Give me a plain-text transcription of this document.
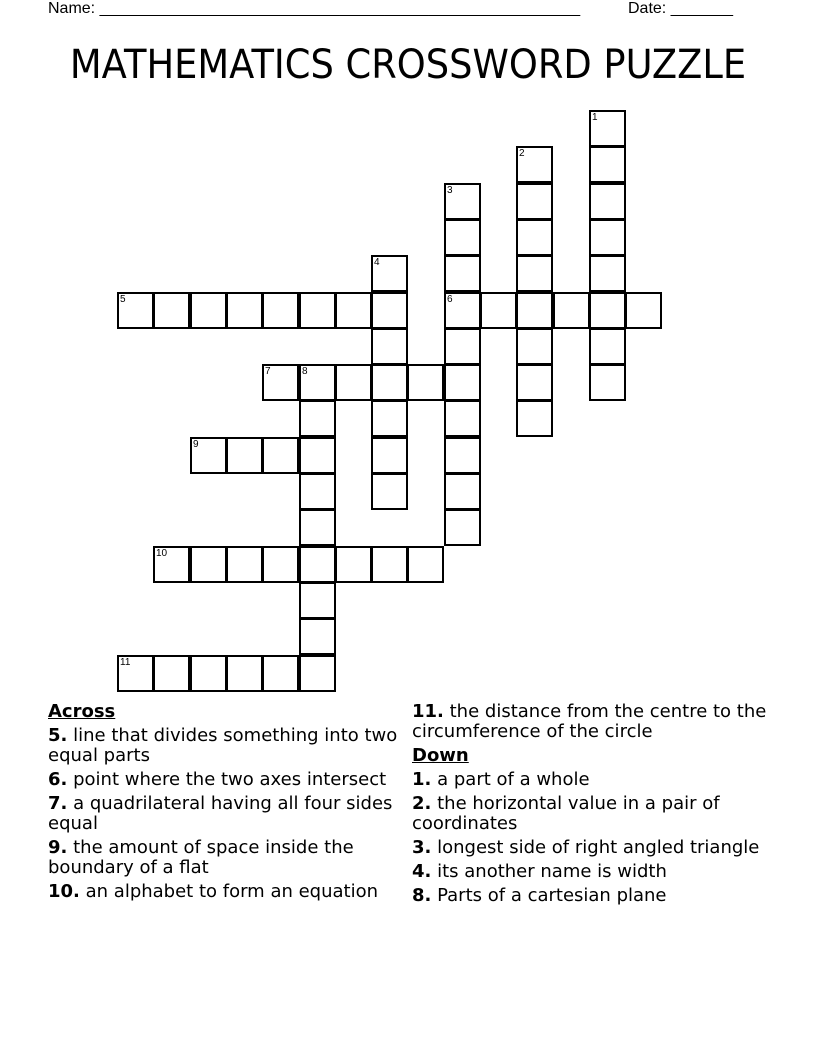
Name: ______________________________________________________	Date: _______
MATHEMATICS CROSSWORD PUZZLE
1
2
3
6
4
5
7	8
9
10
11
Across
5. line that divides something into two equal parts
6. point where the two axes intersect
7. a quadrilateral having all four sides equal
9. the amount of space inside the boundary of a flat
10. an alphabet to form an equation
11. the distance from the centre to the circumference of the circle
Down
1. a part of a whole
2. the horizontal value in a pair of coordinates
3. longest side of right angled triangle
4. its another name is width
8. Parts of a cartesian plane
